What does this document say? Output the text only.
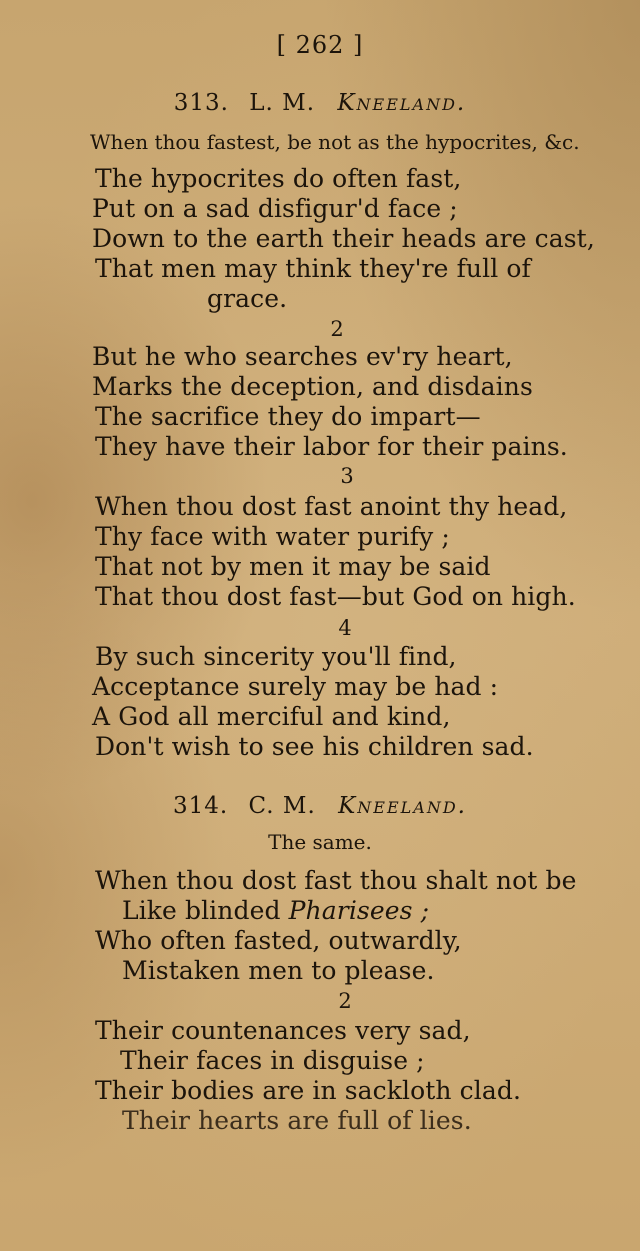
[ 262 ]
313. L. M. Kneeland.
When thou fastest, be not as the hypocrites, &c.
The hypocrites do often fast,
Put on a sad disfigur'd face ;
Down to the earth their heads are cast,
That men may think they're full of
grace.
2
But he who searches ev'ry heart,
Marks the deception, and disdains
The sacrifice they do impart—
They have their labor for their pains.
3
When thou dost fast anoint thy head,
Thy face with water purify ;
That not by men it may be said
That thou dost fast—but God on high.
4
By such sincerity you'll find,
Acceptance surely may be had :
A God all merciful and kind,
Don't wish to see his children sad.
314. C. M. Kneeland.
The same.
When thou dost fast thou shalt not be
Like blinded Pharisees ;
Who often fasted, outwardly,
Mistaken men to please.
2
Their countenances very sad,
Their faces in disguise ;
Their bodies are in sackloth clad.
Their hearts are full of lies.
